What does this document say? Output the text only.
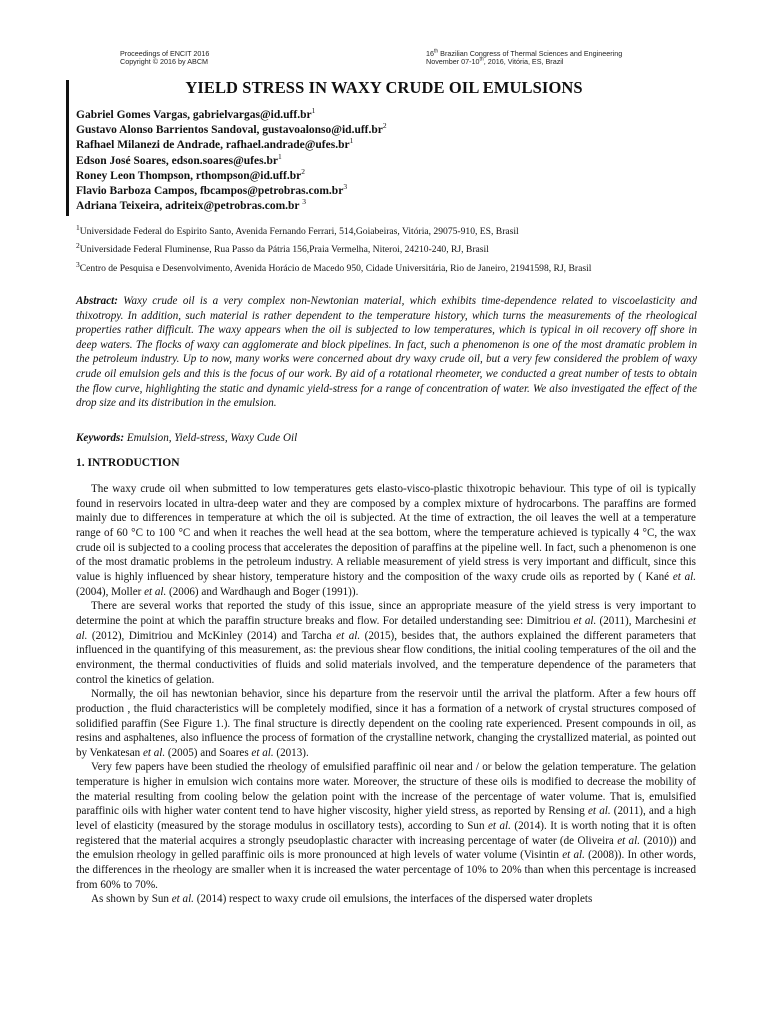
Proceedings of ENCIT 2016
Copyright © 2016 by ABCM
16th Brazilian Congress of Thermal Sciences and Engineering
November 07-10th, 2016, Vitória, ES, Brazil
YIELD STRESS IN WAXY CRUDE OIL EMULSIONS
Gabriel Gomes Vargas, $gabrielvargas@id.uff.br^1$
Gustavo Alonso Barrientos Sandoval, $gustavoalonso@id.uff.br^2$
Rafhael Milanezi de Andrade, $rafhael.andrade@ufes.br^1$
Edson José Soares, $edson.soares@ufes.br^1$
Roney Leon Thompson, $rthompson@id.uff.br^2$
Flavio Barboza Campos, $fbcampos@petrobras.com.br^3$
Adriana Teixeira, adriteix@petrobras.com.br $^3$
$^1$Universidade Federal do Espirito Santo, Avenida Fernando Ferrari, 514,Goiabeiras, Vitória, 29075-910, ES, Brasil
$^2$Universidade Federal Fluminense, Rua Passo da Pátria 156,Praia Vermelha, Niteroi, 24210-240, RJ, Brasil
$^3$Centro de Pesquisa e Desenvolvimento, Avenida Horácio de Macedo 950, Cidade Universitária, Rio de Janeiro, 21941598, RJ, Brasil
Abstract: Waxy crude oil is a very complex non-Newtonian material, which exhibits time-dependence related to viscoelasticity and thixotropy. In addition, such material is rather dependent to the temperature history, which turns the measurements of the rheological properties rather difficult. The waxy appears when the oil is subjected to low temperatures, which is typical in oil recovery off shore in deep waters. The flocks of waxy can agglomerate and block pipelines. In fact, such a phenomenon is one of the most dramatic problem in the petroleum industry. Up to now, many works were concerned about dry waxy crude oil, but a very few considered the problem of waxy crude oil emulsion gels and this is the focus of our work. By aid of a rotational rheometer, we conducted a great number of tests to obtain the flow curve, highlighting the static and dynamic yield-stress for a range of concentration of water. We also investigated the effect of the drop size and its distribution in the emulsion.
Keywords: Emulsion, Yield-stress, Waxy Cude Oil
1. INTRODUCTION

The waxy crude oil when submitted to low temperatures gets elasto-visco-plastic thixotropic behaviour. This type of oil is typically found in reservoirs located in ultra-deep water and they are composed by a complex mixture of hydrocarbons. The paraffins are formed mainly due to differences in temperature at which the oil is subjected. At the time of extraction, the oil leaves the well at a temperature range of 60 °C to 100 °C and when it reaches the well head at the sea bottom, where the temperature achieved is typically 4 °C, the wax crude oil is subjected to a cooling process that accelerates the deposition of paraffins at the pipeline well. In fact, such a phenomenon is one of the most dramatic problems in the petroleum industry. A reliable measurement of yield stress is very important and difficult, since this value is highly influenced by shear history, temperature history and the composition of the waxy crude oils as reported by ( Kané et al. (2004), Moller et al. (2006) and Wardhaugh and Boger (1991)).

There are several works that reported the study of this issue, since an appropriate measure of the yield stress is very important to determine the point at which the paraffin structure breaks and flow. For detailed understanding see: Dimitriou et al. (2011), Marchesini et al. (2012), Dimitriou and McKinley (2014) and Tarcha et al. (2015), besides that, the authors explained the different parameters that influenced in the quantifying of this measurement, as: the previous shear flow conditions, the initial cooling temperatures of the oil and the environment, the thermal conductivities of fluids and solid materials involved, and the temperature dependence of the parameters that control the kinetics of gelation.

Normally, the oil has newtonian behavior, since his departure from the reservoir until the arrival the platform. After a few hours off production , the fluid characteristics will be completely modified, since it has a formation of a network of crystal structures composed of solidified paraffin (See Figure 1.). The final structure is directly dependent on the cooling rate experienced. Present compounds in oil, as resins and asphaltenes, also influence the process of formation of the crystalline network, changing the crystallized material, as pointed out by Venkatesan et al. (2005) and Soares et al. (2013).

Very few papers have been studied the rheology of emulsified paraffinic oil near and / or below the gelation temperature. The gelation temperature is higher in emulsion wich contains more water. Moreover, the structure of these oils is modified to decrease the mobility of the material resulting from cooling below the gelation point with the increase of the percentage of water volume. That is, emulsified paraffinic oils with higher water content tend to have higher viscosity, higher yield stress, as reported by Rensing et al. (2011), and a high level of elasticity (measured by the storage modulus in oscillatory tests), according to Sun et al. (2014). It is worth noting that it is often registered that the material acquires a strongly pseudoplastic character with increasing percentage of water (de Oliveira et al. (2010)) and the emulsion rheology in gelled paraffinic oils is more pronounced at high levels of water volume (Visintin et al. (2008)). In other words, the differences in the rheology are smaller when it is increased the water percentage of 10% to 20% than when this percentage is increased from 60% to 70%.

As shown by Sun et al. (2014) respect to waxy crude oil emulsions, the interfaces of the dispersed water droplets
